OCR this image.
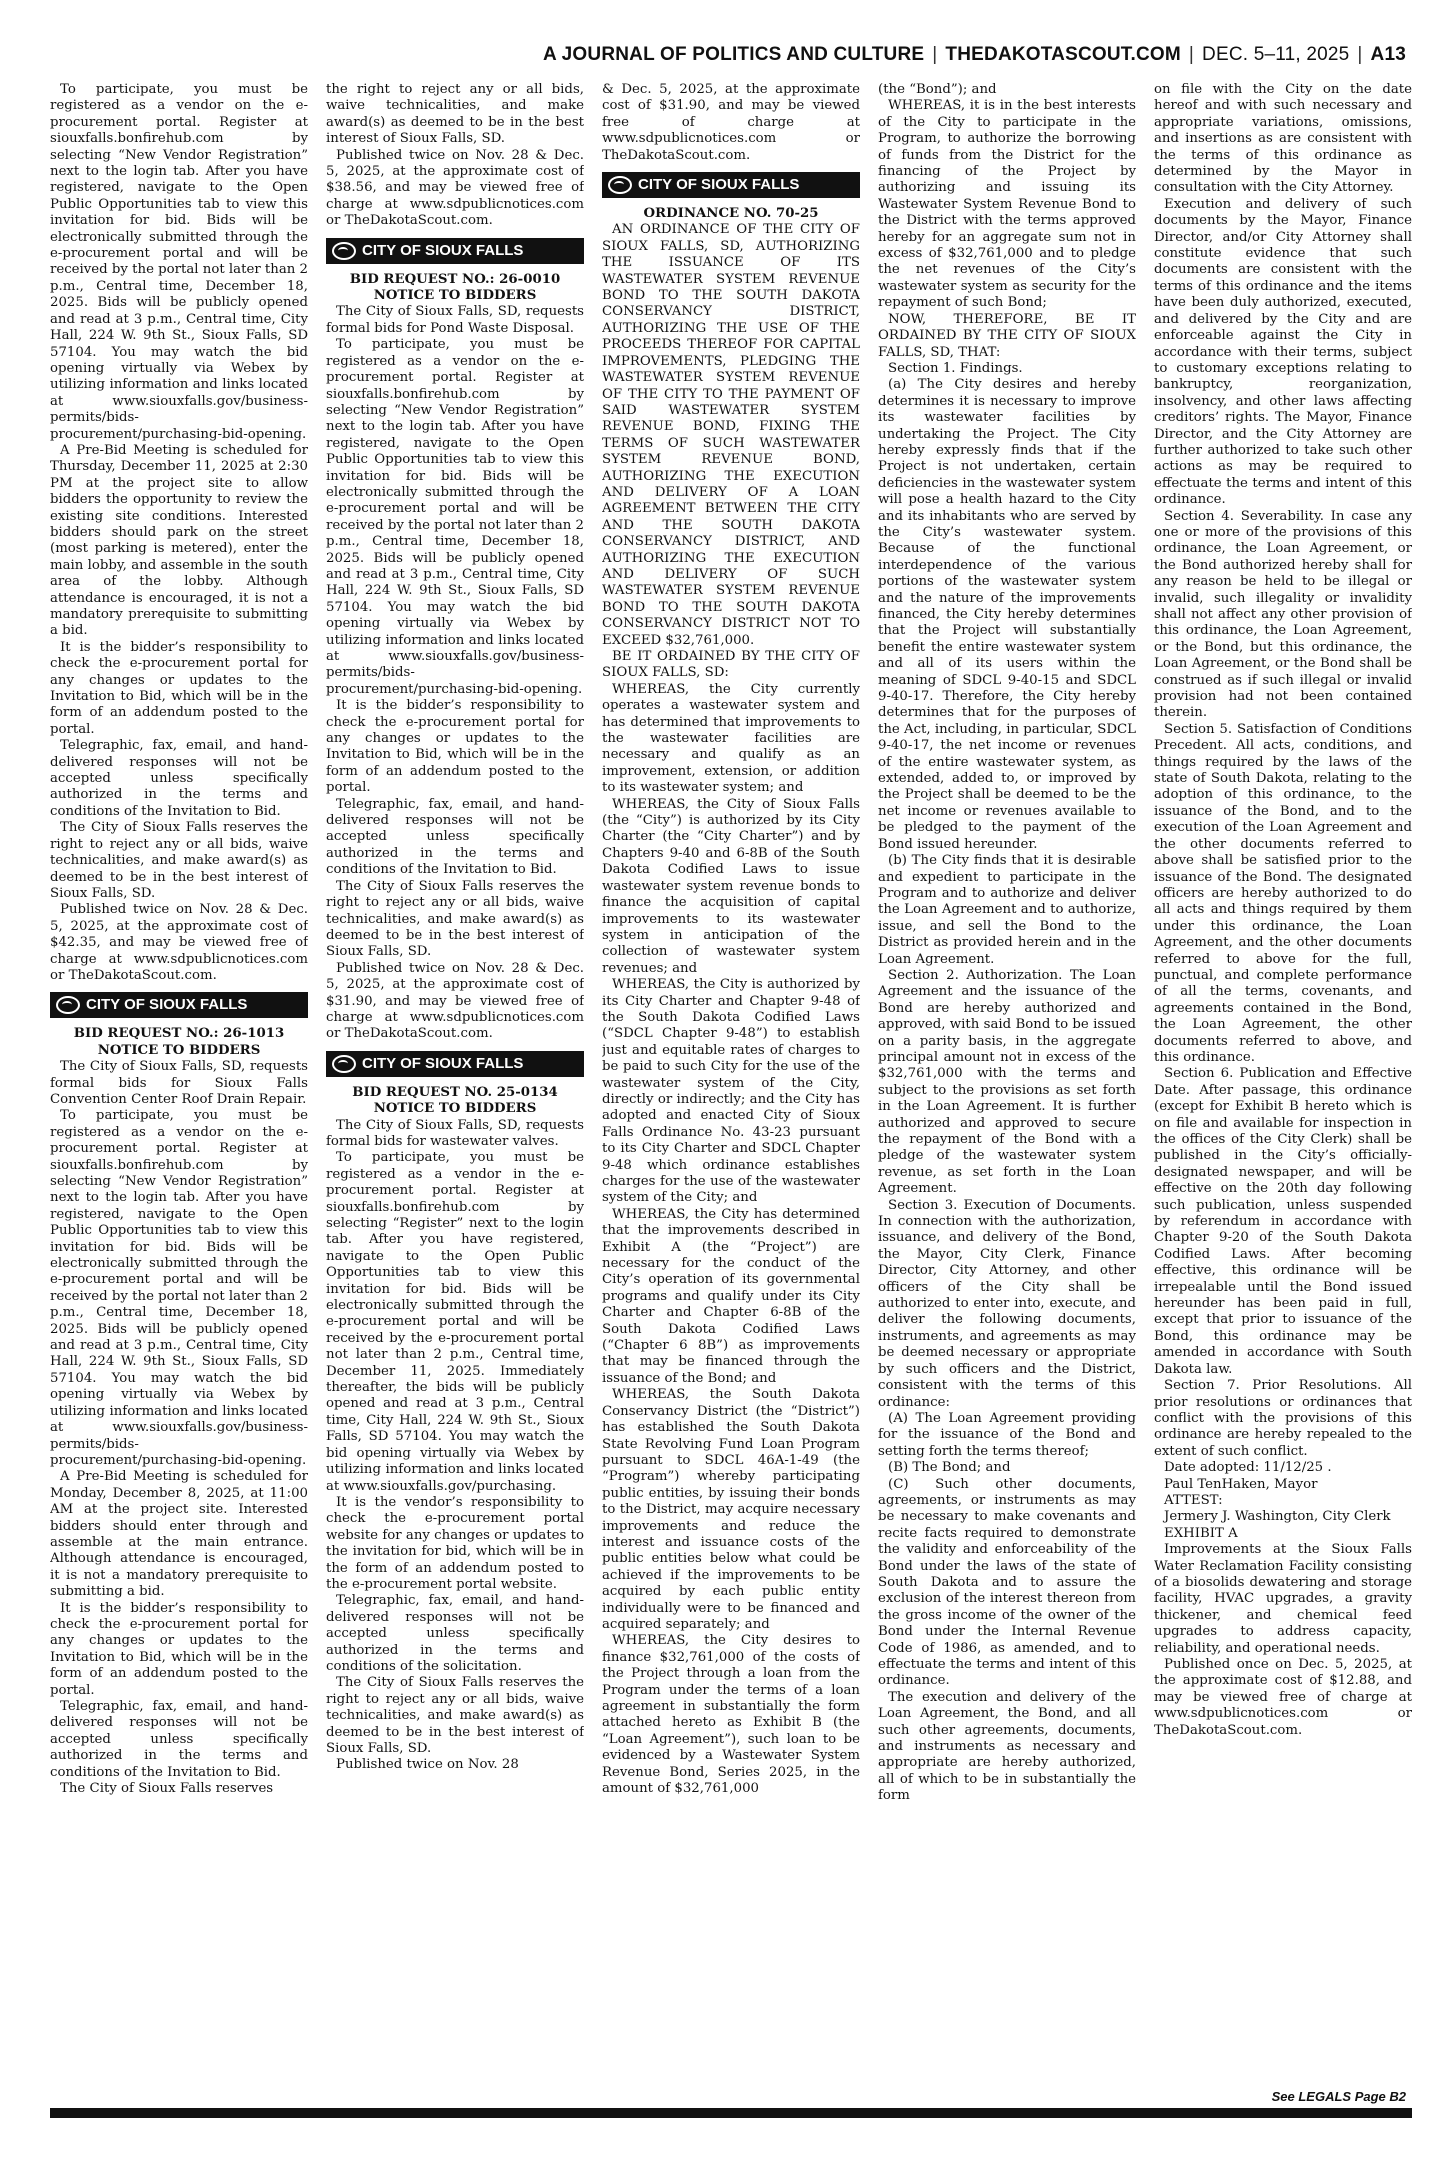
A JOURNAL OF POLITICS AND CULTURE | THEDAKOTASCOUT.COM | DEC. 5–11, 2025 | A13

To participate, you must be registered as a vendor on the e-procurement portal. Register at siouxfalls.bonfirehub.com by selecting “New Vendor Registration” next to the login tab. After you have registered, navigate to the Open Public Opportunities tab to view this invitation for bid. Bids will be electronically submitted through the e-procurement portal and will be received by the portal not later than 2 p.m., Central time, December 18, 2025. Bids will be publicly opened and read at 3 p.m., Central time, City Hall, 224 W. 9th St., Sioux Falls, SD 57104. You may watch the bid opening virtually via Webex by utilizing information and links located at www.siouxfalls.gov/business-permits/bids-procurement/purchasing-bid-opening.

A Pre-Bid Meeting is scheduled for Thursday, December 11, 2025 at 2:30 PM at the project site to allow bidders the opportunity to review the existing site conditions. Interested bidders should park on the street (most parking is metered), enter the main lobby, and assemble in the south area of the lobby. Although attendance is encouraged, it is not a mandatory prerequisite to submitting a bid.

It is the bidder’s responsibility to check the e-procurement portal for any changes or updates to the Invitation to Bid, which will be in the form of an addendum posted to the portal.

Telegraphic, fax, email, and hand-delivered responses will not be accepted unless specifically authorized in the terms and conditions of the Invitation to Bid.

The City of Sioux Falls reserves the right to reject any or all bids, waive technicalities, and make award(s) as deemed to be in the best interest of Sioux Falls, SD.

Published twice on Nov. 28 & Dec. 5, 2025, at the approximate cost of $42.35, and may be viewed free of charge at www.sdpublicnotices.com or TheDakotaScout.com.

CITY OF SIOUX FALLS

BID REQUEST NO.: 26-1013

NOTICE TO BIDDERS

The City of Sioux Falls, SD, requests formal bids for Sioux Falls Convention Center Roof Drain Repair.

To participate, you must be registered as a vendor on the e-procurement portal. Register at siouxfalls.bonfirehub.com by selecting “New Vendor Registration” next to the login tab. After you have registered, navigate to the Open Public Opportunities tab to view this invitation for bid. Bids will be electronically submitted through the e-procurement portal and will be received by the portal not later than 2 p.m., Central time, December 18, 2025. Bids will be publicly opened and read at 3 p.m., Central time, City Hall, 224 W. 9th St., Sioux Falls, SD 57104. You may watch the bid opening virtually via Webex by utilizing information and links located at www.siouxfalls.gov/business-permits/bids-procurement/purchasing-bid-opening.

A Pre-Bid Meeting is scheduled for Monday, December 8, 2025, at 11:00 AM at the project site. Interested bidders should enter through and assemble at the main entrance. Although attendance is encouraged, it is not a mandatory prerequisite to submitting a bid.

It is the bidder’s responsibility to check the e-procurement portal for any changes or updates to the Invitation to Bid, which will be in the form of an addendum posted to the portal.

Telegraphic, fax, email, and hand-delivered responses will not be accepted unless specifically authorized in the terms and conditions of the Invitation to Bid.

The City of Sioux Falls reserves

the right to reject any or all bids, waive technicalities, and make award(s) as deemed to be in the best interest of Sioux Falls, SD.

Published twice on Nov. 28 & Dec. 5, 2025, at the approximate cost of $38.56, and may be viewed free of charge at www.sdpublicnotices.com or TheDakotaScout.com.

CITY OF SIOUX FALLS

BID REQUEST NO.: 26-0010

NOTICE TO BIDDERS

The City of Sioux Falls, SD, requests formal bids for Pond Waste Disposal.

To participate, you must be registered as a vendor on the e-procurement portal. Register at siouxfalls.bonfirehub.com by selecting “New Vendor Registration” next to the login tab. After you have registered, navigate to the Open Public Opportunities tab to view this invitation for bid. Bids will be electronically submitted through the e-procurement portal and will be received by the portal not later than 2 p.m., Central time, December 18, 2025. Bids will be publicly opened and read at 3 p.m., Central time, City Hall, 224 W. 9th St., Sioux Falls, SD 57104. You may watch the bid opening virtually via Webex by utilizing information and links located at www.siouxfalls.gov/business-permits/bids-procurement/purchasing-bid-opening.

It is the bidder’s responsibility to check the e-procurement portal for any changes or updates to the Invitation to Bid, which will be in the form of an addendum posted to the portal.

Telegraphic, fax, email, and hand-delivered responses will not be accepted unless specifically authorized in the terms and conditions of the Invitation to Bid.

The City of Sioux Falls reserves the right to reject any or all bids, waive technicalities, and make award(s) as deemed to be in the best interest of Sioux Falls, SD.

Published twice on Nov. 28 & Dec. 5, 2025, at the approximate cost of $31.90, and may be viewed free of charge at www.sdpublicnotices.com or TheDakotaScout.com.

CITY OF SIOUX FALLS

BID REQUEST NO. 25-0134

NOTICE TO BIDDERS

The City of Sioux Falls, SD, requests formal bids for wastewater valves.

To participate, you must be registered as a vendor in the e-procurement portal. Register at siouxfalls.bonfirehub.com by selecting “Register” next to the login tab. After you have registered, navigate to the Open Public Opportunities tab to view this invitation for bid. Bids will be electronically submitted through the e-procurement portal and will be received by the e-procurement portal not later than 2 p.m., Central time, December 11, 2025. Immediately thereafter, the bids will be publicly opened and read at 3 p.m., Central time, City Hall, 224 W. 9th St., Sioux Falls, SD 57104. You may watch the bid opening virtually via Webex by utilizing information and links located at www.siouxfalls.gov/purchasing.

It is the vendor’s responsibility to check the e-procurement portal website for any changes or updates to the invitation for bid, which will be in the form of an addendum posted to the e-procurement portal website.

Telegraphic, fax, email, and hand-delivered responses will not be accepted unless specifically authorized in the terms and conditions of the solicitation.

The City of Sioux Falls reserves the right to reject any or all bids, waive technicalities, and make award(s) as deemed to be in the best interest of Sioux Falls, SD.

Published twice on Nov. 28

& Dec. 5, 2025, at the approximate cost of $31.90, and may be viewed free of charge at www.sdpublicnotices.com or TheDakotaScout.com.

CITY OF SIOUX FALLS

ORDINANCE NO. 70-25

AN ORDINANCE OF THE CITY OF SIOUX FALLS, SD, AUTHORIZING THE ISSUANCE OF ITS WASTEWATER SYSTEM REVENUE BOND TO THE SOUTH DAKOTA CONSERVANCY DISTRICT, AUTHORIZING THE USE OF THE PROCEEDS THEREOF FOR CAPITAL IMPROVEMENTS, PLEDGING THE WASTEWATER SYSTEM REVENUE OF THE CITY TO THE PAYMENT OF SAID WASTEWATER SYSTEM REVENUE BOND, FIXING THE TERMS OF SUCH WASTEWATER SYSTEM REVENUE BOND, AUTHORIZING THE EXECUTION AND DELIVERY OF A LOAN AGREEMENT BETWEEN THE CITY AND THE SOUTH DAKOTA CONSERVANCY DISTRICT, AND AUTHORIZING THE EXECUTION AND DELIVERY OF SUCH WASTEWATER SYSTEM REVENUE BOND TO THE SOUTH DAKOTA CONSERVANCY DISTRICT NOT TO EXCEED $32,761,000.

BE IT ORDAINED BY THE CITY OF SIOUX FALLS, SD:

WHEREAS, the City currently operates a wastewater system and has determined that improvements to the wastewater facilities are necessary and qualify as an improvement, extension, or addition to its wastewater system; and

WHEREAS, the City of Sioux Falls (the “City”) is authorized by its City Charter (the “City Charter”) and by Chapters 9-40 and 6-8B of the South Dakota Codified Laws to issue wastewater system revenue bonds to finance the acquisition of capital improvements to its wastewater system in anticipation of the collection of wastewater system revenues; and

WHEREAS, the City is authorized by its City Charter and Chapter 9-48 of the South Dakota Codified Laws (“SDCL Chapter 9-48”) to establish just and equitable rates of charges to be paid to such City for the use of the wastewater system of the City, directly or indirectly; and the City has adopted and enacted City of Sioux Falls Ordinance No. 43-23 pursuant to its City Charter and SDCL Chapter 9-48 which ordinance establishes charges for the use of the wastewater system of the City; and

WHEREAS, the City has determined that the improvements described in Exhibit A (the “Project”) are necessary for the conduct of the City’s operation of its governmental programs and qualify under its City Charter and Chapter 6-8B of the South Dakota Codified Laws (“Chapter 6 8B”) as improvements that may be financed through the issuance of the Bond; and

WHEREAS, the South Dakota Conservancy District (the “District”) has established the South Dakota State Revolving Fund Loan Program pursuant to SDCL 46A-1-49 (the “Program”) whereby participating public entities, by issuing their bonds to the District, may acquire necessary improvements and reduce the interest and issuance costs of the public entities below what could be achieved if the improvements to be acquired by each public entity individually were to be financed and acquired separately; and

WHEREAS, the City desires to finance $32,761,000 of the costs of the Project through a loan from the Program under the terms of a loan agreement in substantially the form attached hereto as Exhibit B (the “Loan Agreement”), such loan to be evidenced by a Wastewater System Revenue Bond, Series 2025, in the amount of $32,761,000

(the “Bond”); and

WHEREAS, it is in the best interests of the City to participate in the Program, to authorize the borrowing of funds from the District for the financing of the Project by authorizing and issuing its Wastewater System Revenue Bond to the District with the terms approved hereby for an aggregate sum not in excess of $32,761,000 and to pledge the net revenues of the City’s wastewater system as security for the repayment of such Bond;

NOW, THEREFORE, BE IT ORDAINED BY THE CITY OF SIOUX FALLS, SD, THAT:

Section 1. Findings.

(a) The City desires and hereby determines it is necessary to improve its wastewater facilities by undertaking the Project. The City hereby expressly finds that if the Project is not undertaken, certain deficiencies in the wastewater system will pose a health hazard to the City and its inhabitants who are served by the City’s wastewater system. Because of the functional interdependence of the various portions of the wastewater system and the nature of the improvements financed, the City hereby determines that the Project will substantially benefit the entire wastewater system and all of its users within the meaning of SDCL 9-40-15 and SDCL 9-40-17. Therefore, the City hereby determines that for the purposes of the Act, including, in particular, SDCL 9-40-17, the net income or revenues of the entire wastewater system, as extended, added to, or improved by the Project shall be deemed to be the net income or revenues available to be pledged to the payment of the Bond issued hereunder.

(b) The City finds that it is desirable and expedient to participate in the Program and to authorize and deliver the Loan Agreement and to authorize, issue, and sell the Bond to the District as provided herein and in the Loan Agreement.

Section 2. Authorization. The Loan Agreement and the issuance of the Bond are hereby authorized and approved, with said Bond to be issued on a parity basis, in the aggregate principal amount not in excess of the $32,761,000 with the terms and subject to the provisions as set forth in the Loan Agreement. It is further authorized and approved to secure the repayment of the Bond with a pledge of the wastewater system revenue, as set forth in the Loan Agreement.

Section 3. Execution of Documents. In connection with the authorization, issuance, and delivery of the Bond, the Mayor, City Clerk, Finance Director, City Attorney, and other officers of the City shall be authorized to enter into, execute, and deliver the following documents, instruments, and agreements as may be deemed necessary or appropriate by such officers and the District, consistent with the terms of this ordinance:

(A) The Loan Agreement providing for the issuance of the Bond and setting forth the terms thereof;

(B) The Bond; and

(C) Such other documents, agreements, or instruments as may be necessary to make covenants and recite facts required to demonstrate the validity and enforceability of the Bond under the laws of the state of South Dakota and to assure the exclusion of the interest thereon from the gross income of the owner of the Bond under the Internal Revenue Code of 1986, as amended, and to effectuate the terms and intent of this ordinance.

The execution and delivery of the Loan Agreement, the Bond, and all such other agreements, documents, and instruments as necessary and appropriate are hereby authorized, all of which to be in substantially the form

on file with the City on the date hereof and with such necessary and appropriate variations, omissions, and insertions as are consistent with the terms of this ordinance as determined by the Mayor in consultation with the City Attorney.

Execution and delivery of such documents by the Mayor, Finance Director, and/or City Attorney shall constitute evidence that such documents are consistent with the terms of this ordinance and the items have been duly authorized, executed, and delivered by the City and are enforceable against the City in accordance with their terms, subject to customary exceptions relating to bankruptcy, reorganization, insolvency, and other laws affecting creditors’ rights. The Mayor, Finance Director, and the City Attorney are further authorized to take such other actions as may be required to effectuate the terms and intent of this ordinance.

Section 4. Severability. In case any one or more of the provisions of this ordinance, the Loan Agreement, or the Bond authorized hereby shall for any reason be held to be illegal or invalid, such illegality or invalidity shall not affect any other provision of this ordinance, the Loan Agreement, or the Bond, but this ordinance, the Loan Agreement, or the Bond shall be construed as if such illegal or invalid provision had not been contained therein.

Section 5. Satisfaction of Conditions Precedent. All acts, conditions, and things required by the laws of the state of South Dakota, relating to the adoption of this ordinance, to the issuance of the Bond, and to the execution of the Loan Agreement and the other documents referred to above shall be satisfied prior to the issuance of the Bond. The designated officers are hereby authorized to do all acts and things required by them under this ordinance, the Loan Agreement, and the other documents referred to above for the full, punctual, and complete performance of all the terms, covenants, and agreements contained in the Bond, the Loan Agreement, the other documents referred to above, and this ordinance.

Section 6. Publication and Effective Date. After passage, this ordinance (except for Exhibit B hereto which is on file and available for inspection in the offices of the City Clerk) shall be published in the City’s officially-designated newspaper, and will be effective on the 20th day following such publication, unless suspended by referendum in accordance with Chapter 9-20 of the South Dakota Codified Laws. After becoming effective, this ordinance will be irrepealable until the Bond issued hereunder has been paid in full, except that prior to issuance of the Bond, this ordinance may be amended in accordance with South Dakota law.

Section 7. Prior Resolutions. All prior resolutions or ordinances that conflict with the provisions of this ordinance are hereby repealed to the extent of such conflict.

Date adopted: 11/12/25 .

Paul TenHaken, Mayor

ATTEST:

Jermery J. Washington, City Clerk

EXHIBIT A

Improvements at the Sioux Falls Water Reclamation Facility consisting of a biosolids dewatering and storage facility, HVAC upgrades, a gravity thickener, and chemical feed upgrades to address capacity, reliability, and operational needs.

Published once on Dec. 5, 2025, at the approximate cost of $12.88, and may be viewed free of charge at www.sdpublicnotices.com or TheDakotaScout.com.

See LEGALS Page B2
